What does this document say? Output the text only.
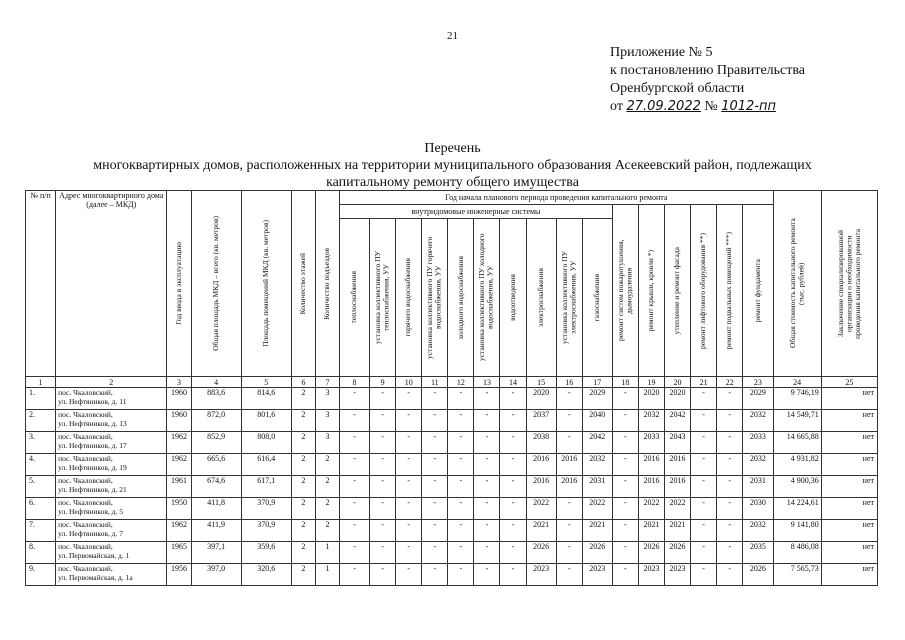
21
Приложение № 5
к постановлению Правительства
Оренбургской области
от 27.09.2022 № 1012-пп
Перечень
многоквартирных домов, расположенных на территории муниципального образования Асекеевский район, подлежащих
капитальному ремонту общего имущества
№ п/п	Адрес многоквартирного дома (далее – МКД)	Год ввода в эксплуатацию	Общая площадь МКД – всего (кв. метров)	Площадь помещений МКД (кв. метров)	Количество этажей	Количество подъездов	Год начала планового периода проведения капитального ремонта																Общая стоимость капитального ремонта (тыс. рублей)	Заключение специализированной организации о необходимости проведения капитального ремонта

							внутридомовые инженерные системы										ремонт систем пожаротушения, дымоудаления	ремонт крыши, кровли *)	утепление и ремонт фасада	ремонт лифтового оборудования **)	ремонт подвальных помещений ***)	ремонт фундамента		

							теплоснабжения	установка коллективного ПУ теплоснабжения, УУ	горячего водоснабжения	установка коллективного ПУ горячего водоснабжения, УУ	холодного водоснабжения	установка коллективного ПУ холодного водоснабжения, УУ	водоотведения	электроснабжения	установка коллективного ПУ электроснабжения, УУ	газоснабжения								

1	2	3	4	5	6	7	8	9	10	11	12	13	14	15	16	17	18	19	20	21	22	23	24	25
1.	пос. Чкаловский,
ул. Нефтяников, д. 11	1960	883,6	814,6	2	3	-	-	-	-	-	-	-	2020	-	2029	-	2020	2020	-	-	2029	9 746,19	нет
2.	пос. Чкаловский,
ул. Нефтяников, д. 13	1960	872,0	801,6	2	3	-	-	-	-	-	-	-	2037	-	2040	-	2032	2042	-	-	2032	14 549,71	нет
3.	пос. Чкаловский,
ул. Нефтяников, д. 17	1962	852,9	808,0	2	3	-	-	-	-	-	-	-	2038	-	2042	-	2033	2043	-	-	2033	14 665,88	нет
4.	пос. Чкаловский,
ул. Нефтяников, д. 19	1962	665,6	616,4	2	2	-	-	-	-	-	-	-	2016	2016	2032	-	2016	2016	-	-	2032	4 931,82	нет
5.	пос. Чкаловский,
ул. Нефтяников, д. 21	1961	674,6	617,1	2	2	-	-	-	-	-	-	-	2016	2016	2031	-	2016	2016	-	-	2031	4 900,36	нет
6.	пос. Чкаловский,
ул. Нефтяников, д. 5	1950	411,8	370,9	2	2	-	-	-	-	-	-	-	2022	-	2022	-	2022	2022	-	-	2030	14 224,61	нет
7.	пос. Чкаловский,
ул. Нефтяников, д. 7	1962	411,9	370,9	2	2	-	-	-	-	-	-	-	2021	-	2021	-	2021	2021	-	-	2032	9 141,80	нет
8.	пос. Чкаловский,
ул. Первомайская, д. 1	1965	397,1	359,6	2	1	-	-	-	-	-	-	-	2026	-	2026	-	2026	2026	-	-	2035	8 486,08	нет
9.	пос. Чкаловский,
ул. Первомайская, д. 1а	1956	397,0	320,6	2	1	-	-	-	-	-	-	-	2023	-	2023	-	2023	2023	-	-	2026	7 565,73	нет
